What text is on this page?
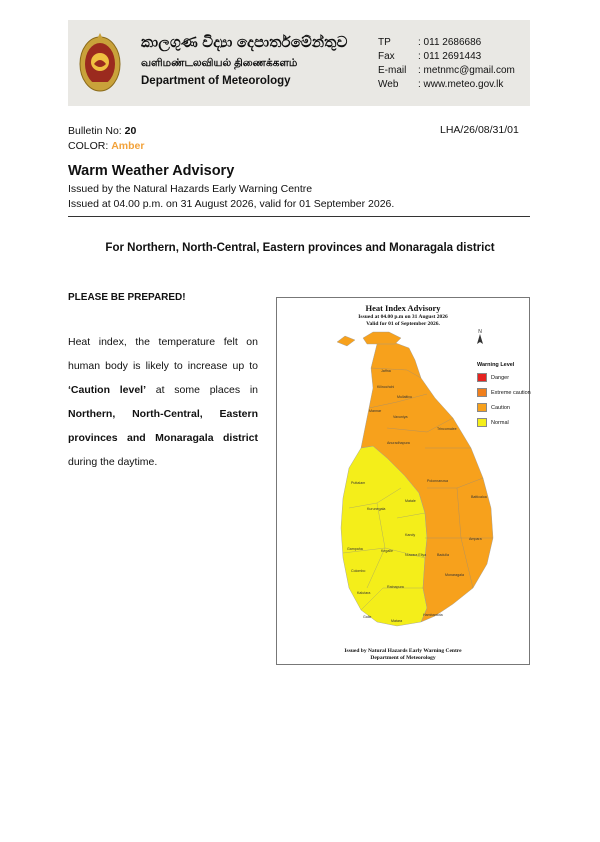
කාලගුණ විද්‍යා දෙපාර්තමේන්තුව
வளிமண்டலவியல் திணைக்களம்
Department of Meteorology
TP	: 011 2686686
Fax	: 011 2691443
E-mail	: metnmc@gmail.com
Web	: www.meteo.gov.lk
Bulletin No: 20
COLOR: Amber
LHA/26/08/31/01
Warm Weather Advisory
Issued by the Natural Hazards Early Warning Centre
Issued at 04.00 p.m. on 31 August 2026, valid for 01 September 2026.
For Northern, North-Central, Eastern provinces and Monaragala district
PLEASE BE PREPARED!
Heat index, the temperature felt on human body is likely to increase up to ‘Caution level’ at some places in Northern, North-Central, Eastern provinces and Monaragala district during the daytime.
N
Jaffna
Kilinochchi
Mullaitivu
Mannar
Vavuniya
Trincomalee
Anuradhapura
Puttalam	Polonnaruwa
Batticaloa
Kurunegala
Matale
Kandy
Ampara
Gampaha	Kegalle
Nuwara Eliya	Badulla
Colombo
Ratnapura
Monaragala
Kalutara
Galle
Matara
Hambantota
Heat Index Advisory
Issued at 04.00 p.m on 31 August 2026
Valid for 01 of September 2026.
Warning Level
Danger
Extreme caution
Caution
Normal
Issued by Natural Hazards Early Warning Centre
Department of Meteorology
